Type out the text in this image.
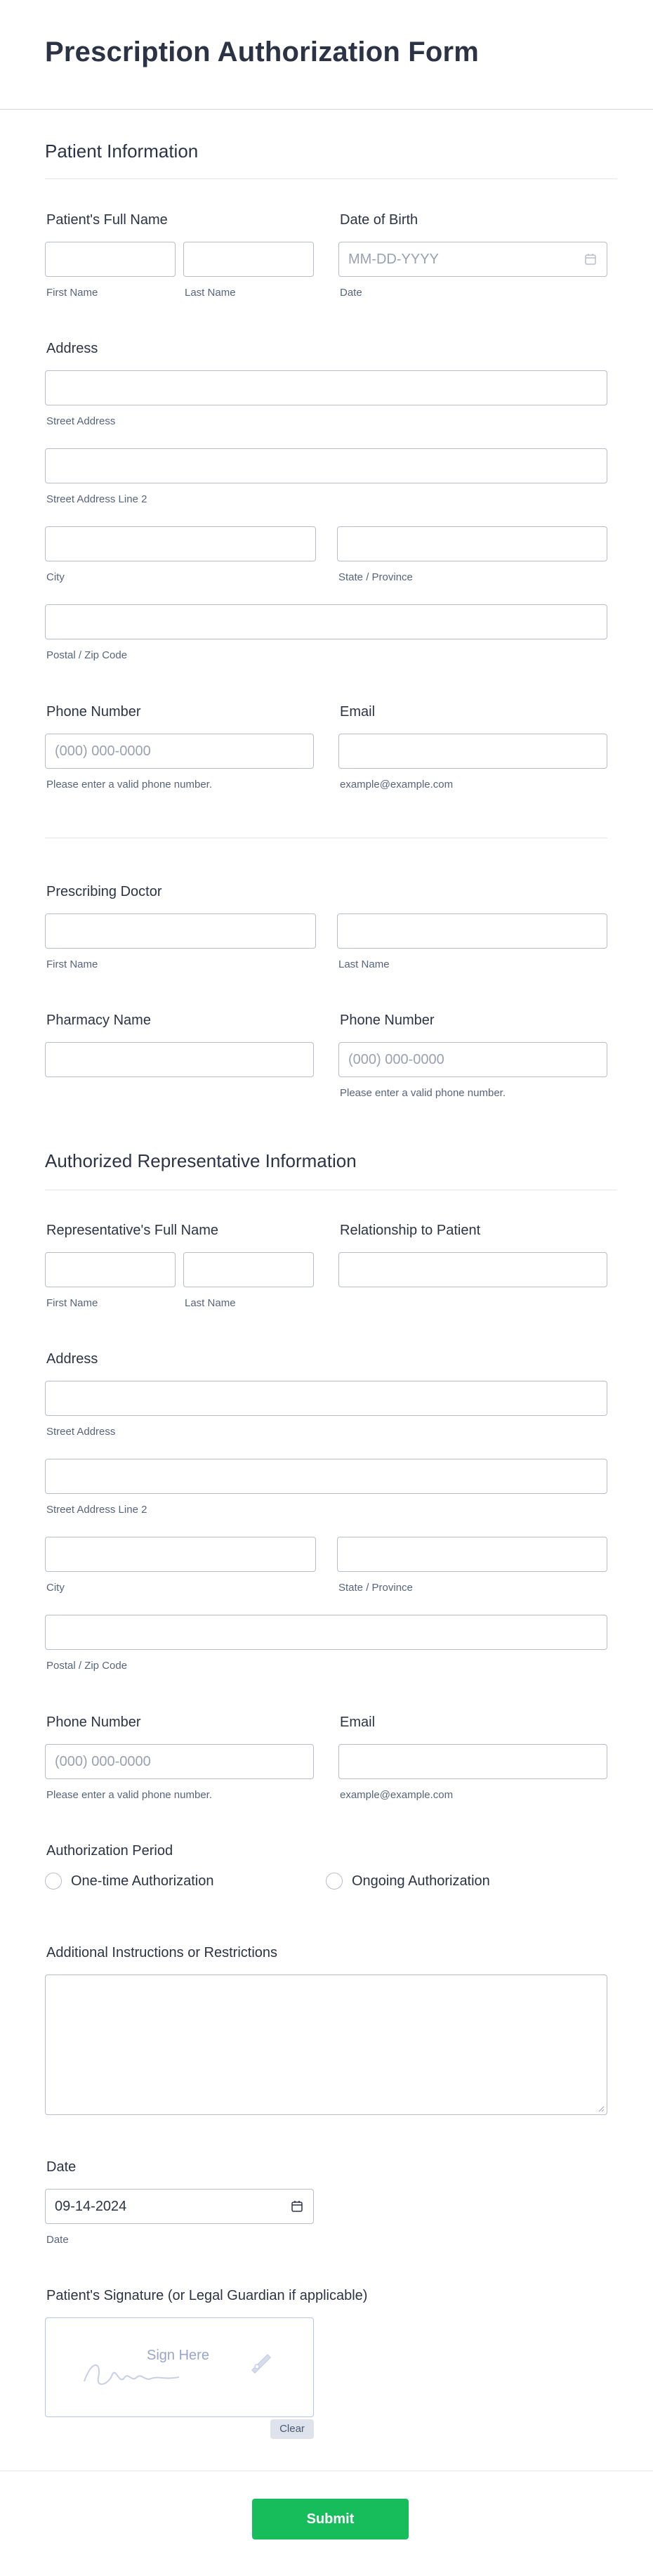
Prescription Authorization Form
Patient Information
Patient's Full Name
First Name	Last Name
Date of Birth
MM-DD-YYYY
Date
Address
Street Address
Street Address Line 2
City	State / Province
Postal / Zip Code
Phone Number
(000) 000-0000
Please enter a valid phone number.
Email
example@example.com
Prescribing Doctor
First Name	Last Name
Pharmacy Name	Phone Number
(000) 000-0000
Please enter a valid phone number.
Authorized Representative Information
Representative's Full Name
First Name	Last Name
Relationship to Patient
Address
Street Address
Street Address Line 2
City	State / Province
Postal / Zip Code
Phone Number
(000) 000-0000
Please enter a valid phone number.
Email
example@example.com
Authorization Period
One-time Authorization	Ongoing Authorization
Additional Instructions or Restrictions
Date
09-14-2024
Date
Patient's Signature (or Legal Guardian if applicable)
Sign Here
Clear
Submit
